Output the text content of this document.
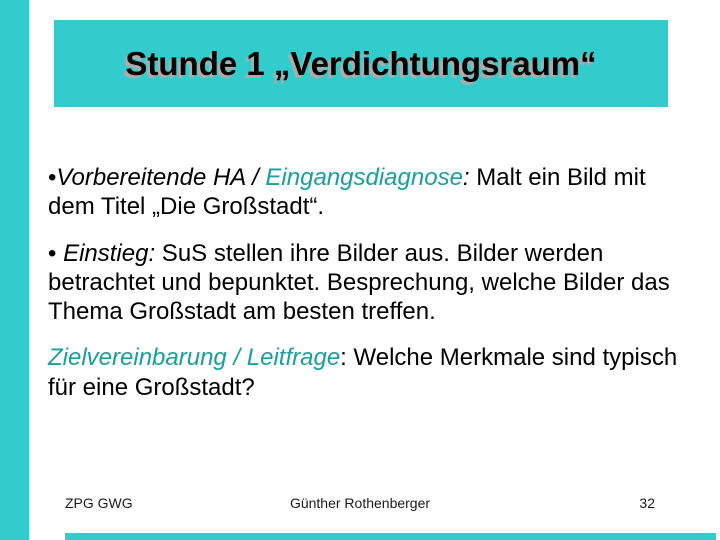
Stunde 1 „Verdichtungsraum“

•Vorbereitende HA / Eingangsdiagnose: Malt ein Bild mit dem Titel „Die Großstadt“.

• Einstieg: SuS stellen ihre Bilder aus. Bilder werden betrachtet und bepunktet. Besprechung, welche Bilder das Thema Großstadt am besten treffen.

Zielvereinbarung / Leitfrage: Welche Merkmale sind typisch für eine Großstadt?

ZPG GWG	Günther Rothenberger	32
